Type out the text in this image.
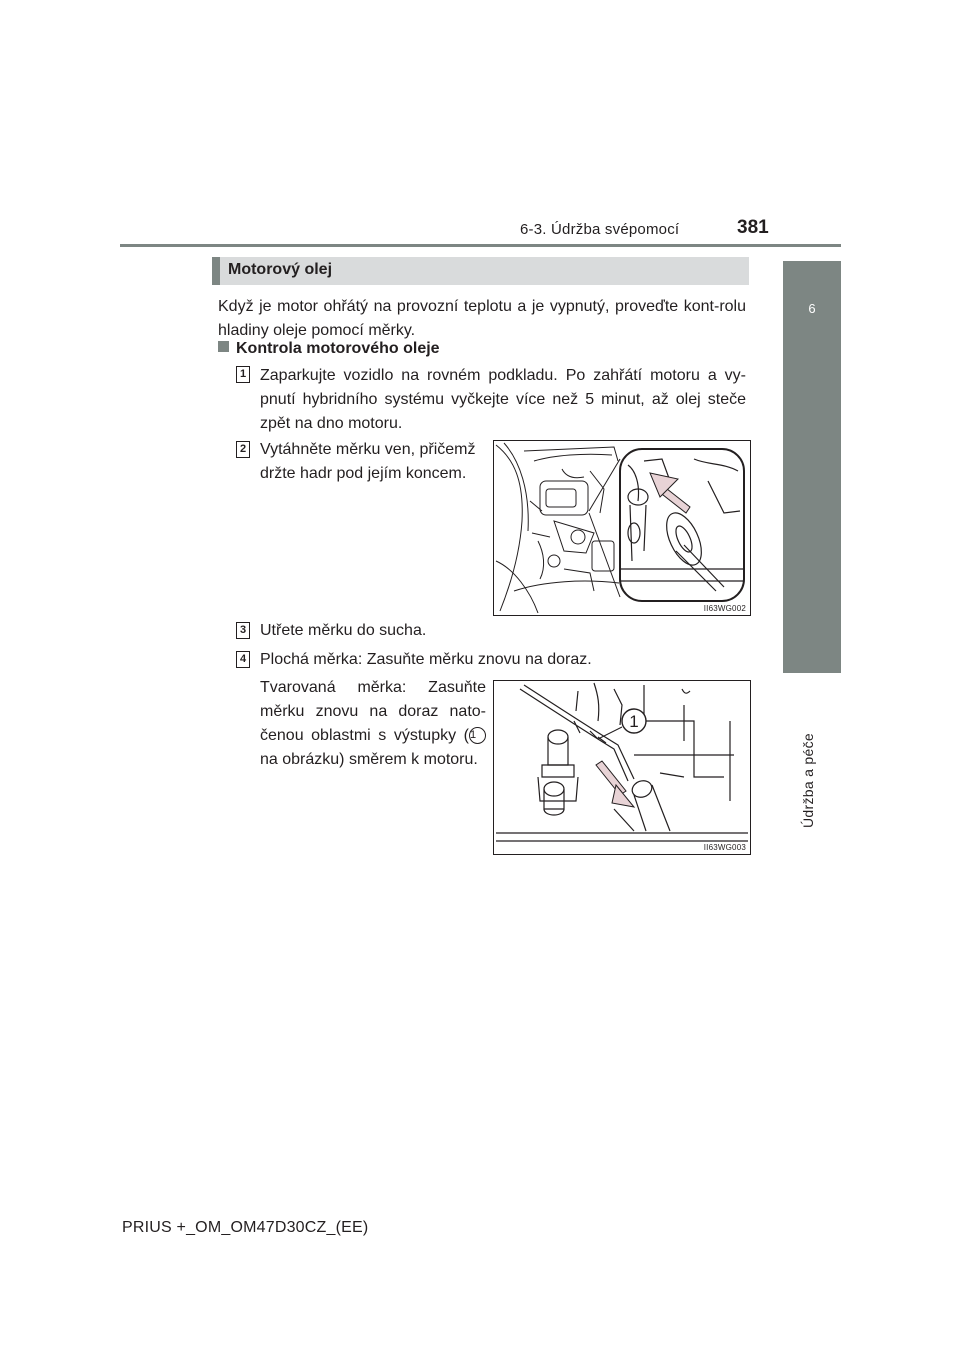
6-3. Údržba svépomocí	381
6
Údržba a péče
Motorový olej
Když je motor ohřátý na provozní teplotu a je vypnutý, proveďte kont-rolu hladiny oleje pomocí měrky.
Kontrola motorového oleje
1 Zaparkujte vozidlo na rovném podkladu. Po zahřátí motoru a vy-pnutí hybridního systému vyčkejte více než 5 minut, až olej steče zpět na dno motoru.
2 Vytáhněte měrku ven, přičemž držte hadr pod jejím koncem.
II63WG002
3 Utřete měrku do sucha.
4 Plochá měrka: Zasuňte měrku znovu na doraz.
Tvarovaná měrka: Zasuňte měrku znovu na doraz nato-čenou oblastmi s výstupky (1 na obrázku) směrem k motoru.
1
II63WG003
PRIUS +_OM_OM47D30CZ_(EE)
